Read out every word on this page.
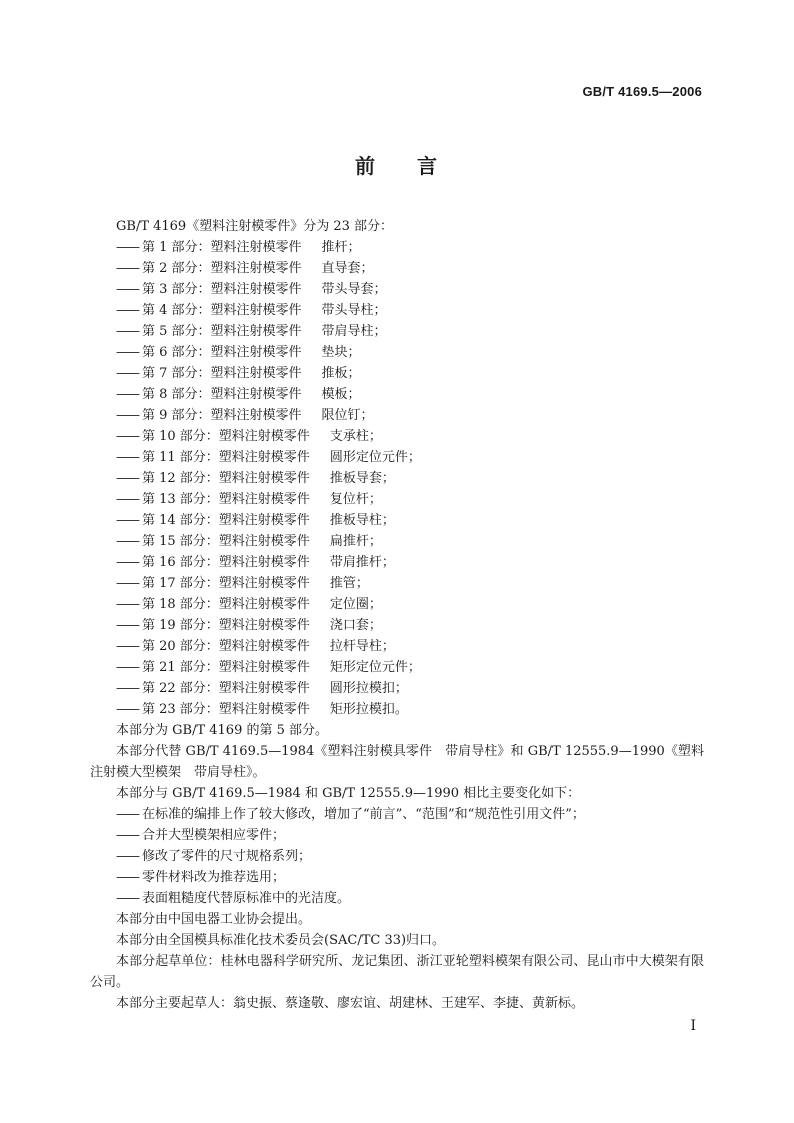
GB/T 4169.5—2006
前 言

GB/T 4169《塑料注射模零件》分为 23 部分：

—— 第 1 部分：塑料注射模零件 推杆；
—— 第 2 部分：塑料注射模零件 直导套；
—— 第 3 部分：塑料注射模零件 带头导套；
—— 第 4 部分：塑料注射模零件 带头导柱；
—— 第 5 部分：塑料注射模零件 带肩导柱；
—— 第 6 部分：塑料注射模零件 垫块；
—— 第 7 部分：塑料注射模零件 推板；
—— 第 8 部分：塑料注射模零件 模板；
—— 第 9 部分：塑料注射模零件 限位钉；
—— 第 10 部分：塑料注射模零件 支承柱；
—— 第 11 部分：塑料注射模零件 圆形定位元件；
—— 第 12 部分：塑料注射模零件 推板导套；
—— 第 13 部分：塑料注射模零件 复位杆；
—— 第 14 部分：塑料注射模零件 推板导柱；
—— 第 15 部分：塑料注射模零件 扁推杆；
—— 第 16 部分：塑料注射模零件 带肩推杆；
—— 第 17 部分：塑料注射模零件 推管；
—— 第 18 部分：塑料注射模零件 定位圈；
—— 第 19 部分：塑料注射模零件 浇口套；
—— 第 20 部分：塑料注射模零件 拉杆导柱；
—— 第 21 部分：塑料注射模零件 矩形定位元件；
—— 第 22 部分：塑料注射模零件 圆形拉模扣；
—— 第 23 部分：塑料注射模零件 矩形拉模扣。

本部分为 GB/T 4169 的第 5 部分。

本部分代替 GB/T 4169.5—1984《塑料注射模具零件　带肩导柱》和 GB/T 12555.9—1990《塑料注射模大型模架　带肩导柱》。

本部分与 GB/T 4169.5—1984 和 GB/T 12555.9—1990 相比主要变化如下：

—— 在标准的编排上作了较大修改，增加了“前言”、“范围”和“规范性引用文件”；
—— 合并大型模架相应零件；
—— 修改了零件的尺寸规格系列；
—— 零件材料改为推荐选用；
—— 表面粗糙度代替原标准中的光洁度。

本部分由中国电器工业协会提出。

本部分由全国模具标准化技术委员会(SAC/TC 33)归口。

本部分起草单位：桂林电器科学研究所、龙记集团、浙江亚轮塑料模架有限公司、昆山市中大模架有限公司。

本部分主要起草人：翁史振、蔡逢敬、廖宏谊、胡建林、王建军、李捷、黄新标。

I
